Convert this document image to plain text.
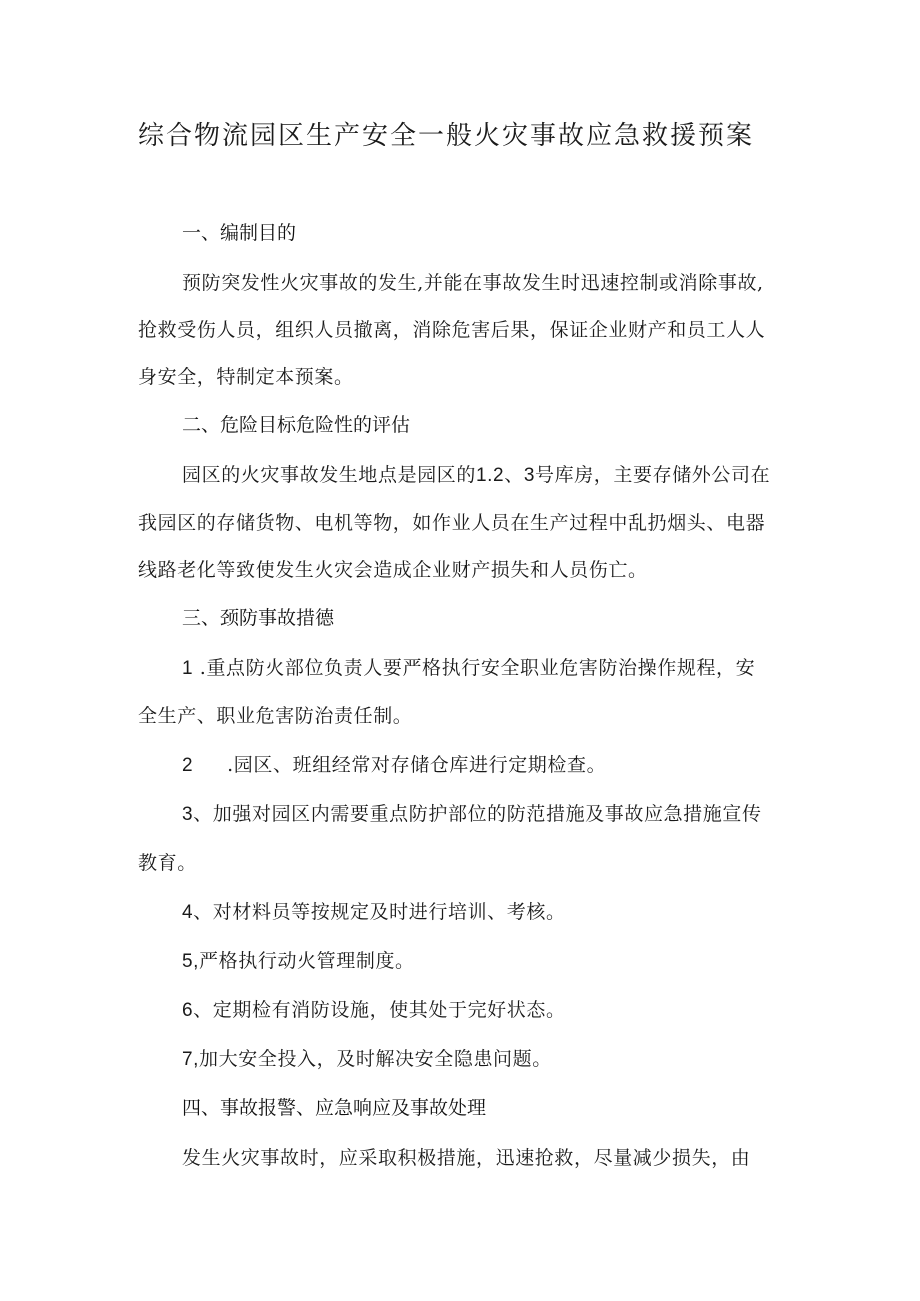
综合物流园区生产安全一般火灾事故应急救援预案
一、编制目的
预防突发性火灾事故的发生,并能在事故发生时迅速控制或消除事故,
抢救受伤人员，组织人员撤离，消除危害后果，保证企业财产和员工人人
身安全，特制定本预案。
二、危险目标危险性的评估
园区的火灾事故发生地点是园区的1.2、3号库房，主要存储外公司在
我园区的存储货物、电机等物，如作业人员在生产过程中乱扔烟头、电器
线路老化等致使发生火灾会造成企业财产损失和人员伤亡。
三、颈防事故措德
1 .重点防火部位负责人要严格执行安全职业危害防治操作规程，安
全生产、职业危害防治责任制。
2 .园区、班组经常对存储仓库进行定期检查。
3、加强对园区内需要重点防护部位的防范措施及事故应急措施宣传
教育。
4、对材料员等按规定及时进行培训、考核。
5,严格执行动火管理制度。
6、定期检有消防设施，使其处于完好状态。
7,加大安全投入，及时解决安全隐患问题。
四、事故报警、应急响应及事故处理
发生火灾事故时，应采取积极措施，迅速抢救，尽量减少损失，由
